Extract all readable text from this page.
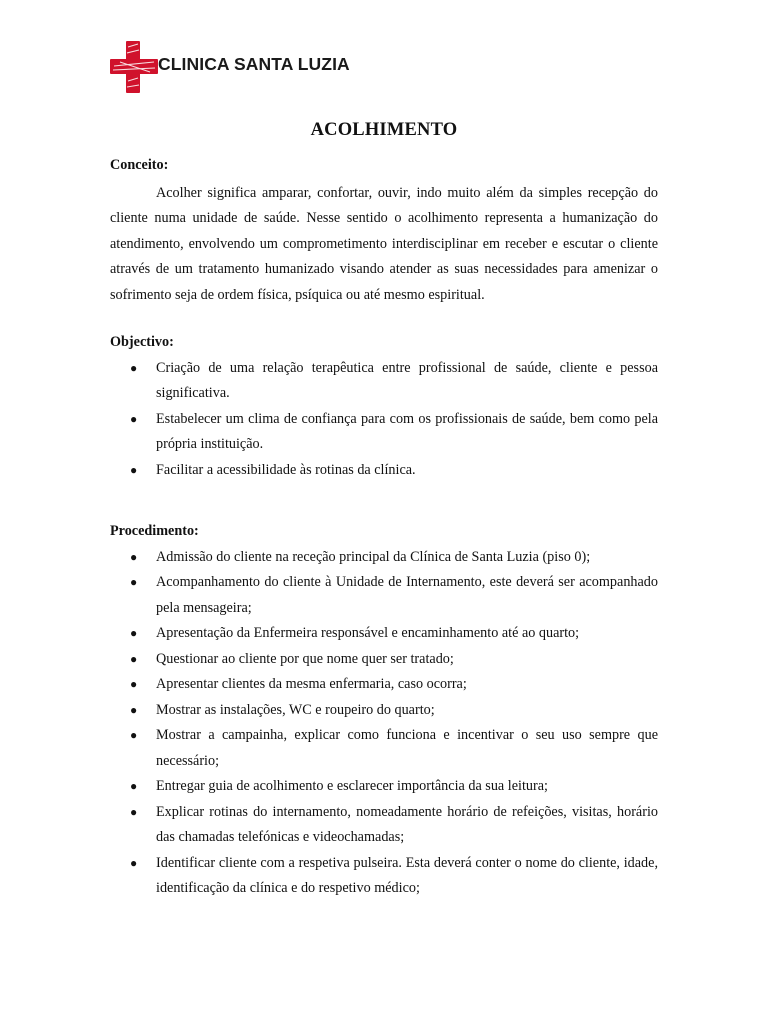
CLINICA SANTA LUZIA
ACOLHIMENTO

Conceito:

Acolher significa amparar, confortar, ouvir, indo muito além da simples recepção do cliente numa unidade de saúde. Nesse sentido o acolhimento representa a humanização do atendimento, envolvendo um comprometimento interdisciplinar em receber e escutar o cliente através de um tratamento humanizado visando atender as suas necessidades para amenizar o sofrimento seja de ordem física, psíquica ou até mesmo espiritual.

Objectivo:

● Criação de uma relação terapêutica entre profissional de saúde, cliente e pessoa significativa.
● Estabelecer um clima de confiança para com os profissionais de saúde, bem como pela própria instituição.
● Facilitar a acessibilidade às rotinas da clínica.

Procedimento:

● Admissão do cliente na receção principal da Clínica de Santa Luzia (piso 0);
● Acompanhamento do cliente à Unidade de Internamento, este deverá ser acompanhado pela mensageira;
● Apresentação da Enfermeira responsável e encaminhamento até ao quarto;
● Questionar ao cliente por que nome quer ser tratado;
● Apresentar clientes da mesma enfermaria, caso ocorra;
● Mostrar as instalações, WC e roupeiro do quarto;
● Mostrar a campainha, explicar como funciona e incentivar o seu uso sempre que necessário;
● Entregar guia de acolhimento e esclarecer importância da sua leitura;
● Explicar rotinas do internamento, nomeadamente horário de refeições, visitas, horário das chamadas telefónicas e videochamadas;
● Identificar cliente com a respetiva pulseira. Esta deverá conter o nome do cliente, idade, identificação da clínica e do respetivo médico;
